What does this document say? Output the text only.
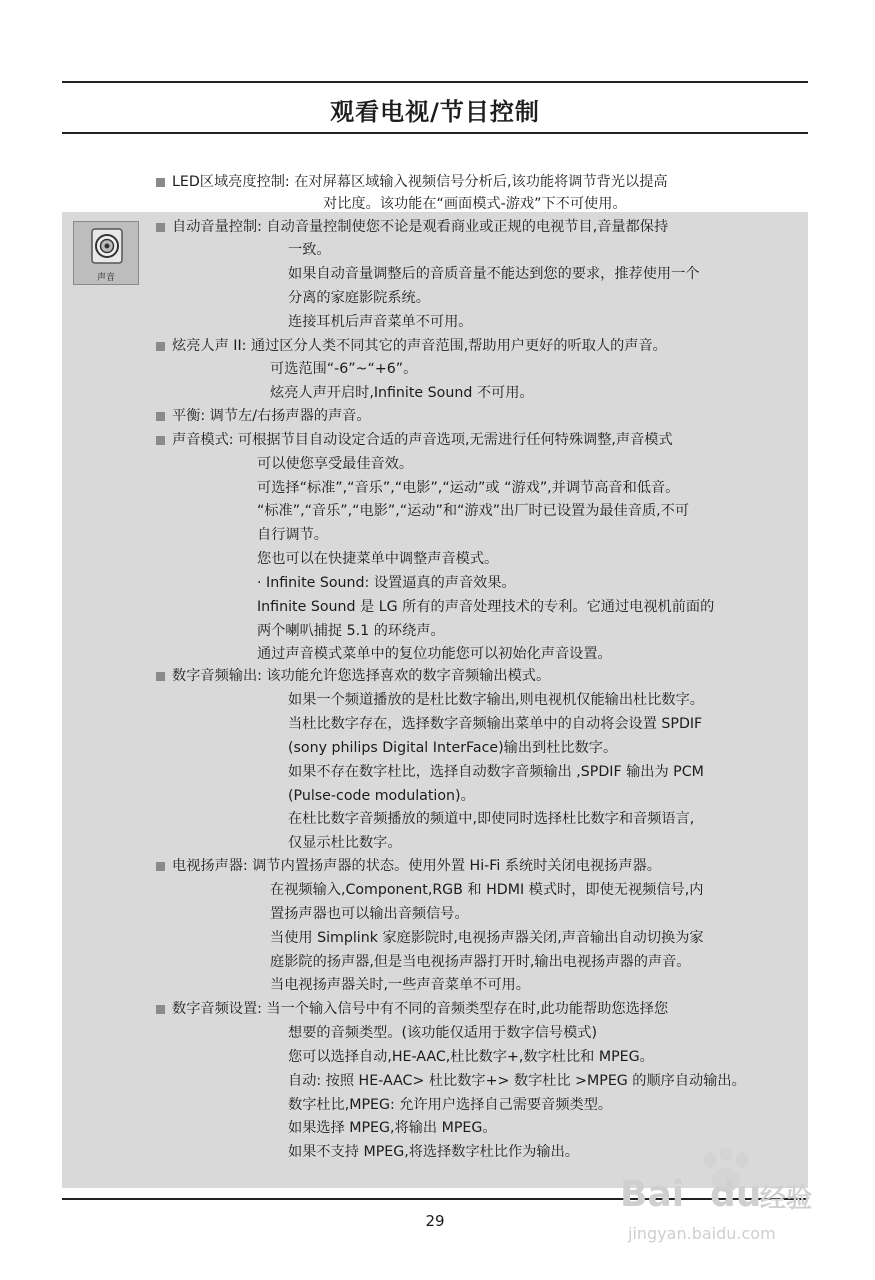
观看电视/节目控制
声音
LED区域亮度控制: 在对屏幕区域输入视频信号分析后,该功能将调节背光以提高
对比度。该功能在“画面模式-游戏”下不可使用。
自动音量控制: 自动音量控制使您不论是观看商业或正规的电视节目,音量都保持
一致。
如果自动音量调整后的音质音量不能达到您的要求，推荐使用一个
分离的家庭影院系统。
连接耳机后声音菜单不可用。
炫亮人声 II: 通过区分人类不同其它的声音范围,帮助用户更好的听取人的声音。
可选范围“-6”~“+6”。
炫亮人声开启时,Infinite Sound 不可用。
平衡: 调节左/右扬声器的声音。
声音模式: 可根据节目自动设定合适的声音选项,无需进行任何特殊调整,声音模式
可以使您享受最佳音效。
可选择“标准”,“音乐”,“电影”,“运动”或 “游戏”,并调节高音和低音。
“标准”,“音乐”,“电影”,“运动”和“游戏”出厂时已设置为最佳音质,不可
自行调节。
您也可以在快捷菜单中调整声音模式。
· Infinite Sound: 设置逼真的声音效果。
Infinite Sound 是 LG 所有的声音处理技术的专利。它通过电视机前面的
两个喇叭捕捉 5.1 的环绕声。
通过声音模式菜单中的复位功能您可以初始化声音设置。
数字音频输出: 该功能允许您选择喜欢的数字音频输出模式。
如果一个频道播放的是杜比数字输出,则电视机仅能输出杜比数字。
当杜比数字存在，选择数字音频输出菜单中的自动将会设置 SPDIF
(sony philips Digital InterFace)输出到杜比数字。
如果不存在数字杜比，选择自动数字音频输出 ,SPDIF 输出为 PCM
(Pulse-code modulation)。
在杜比数字音频播放的频道中,即使同时选择杜比数字和音频语言,
仅显示杜比数字。
电视扬声器: 调节内置扬声器的状态。使用外置 Hi-Fi 系统时关闭电视扬声器。
在视频输入,Component,RGB 和 HDMI 模式时，即使无视频信号,内
置扬声器也可以输出音频信号。
当使用 Simplink 家庭影院时,电视扬声器关闭,声音输出自动切换为家
庭影院的扬声器,但是当电视扬声器打开时,输出电视扬声器的声音。
当电视扬声器关时,一些声音菜单不可用。
数字音频设置: 当一个输入信号中有不同的音频类型存在时,此功能帮助您选择您
想要的音频类型。(该功能仅适用于数字信号模式)
您可以选择自动,HE-AAC,杜比数字+,数字杜比和 MPEG。
自动: 按照 HE-AAC> 杜比数字+> 数字杜比 >MPEG 的顺序自动输出。
数字杜比,MPEG: 允许用户选择自己需要音频类型。
如果选择 MPEG,将输出 MPEG。
如果不支持 MPEG,将选择数字杜比作为输出。
29
Bai du
经验
jingyan.baidu.com
